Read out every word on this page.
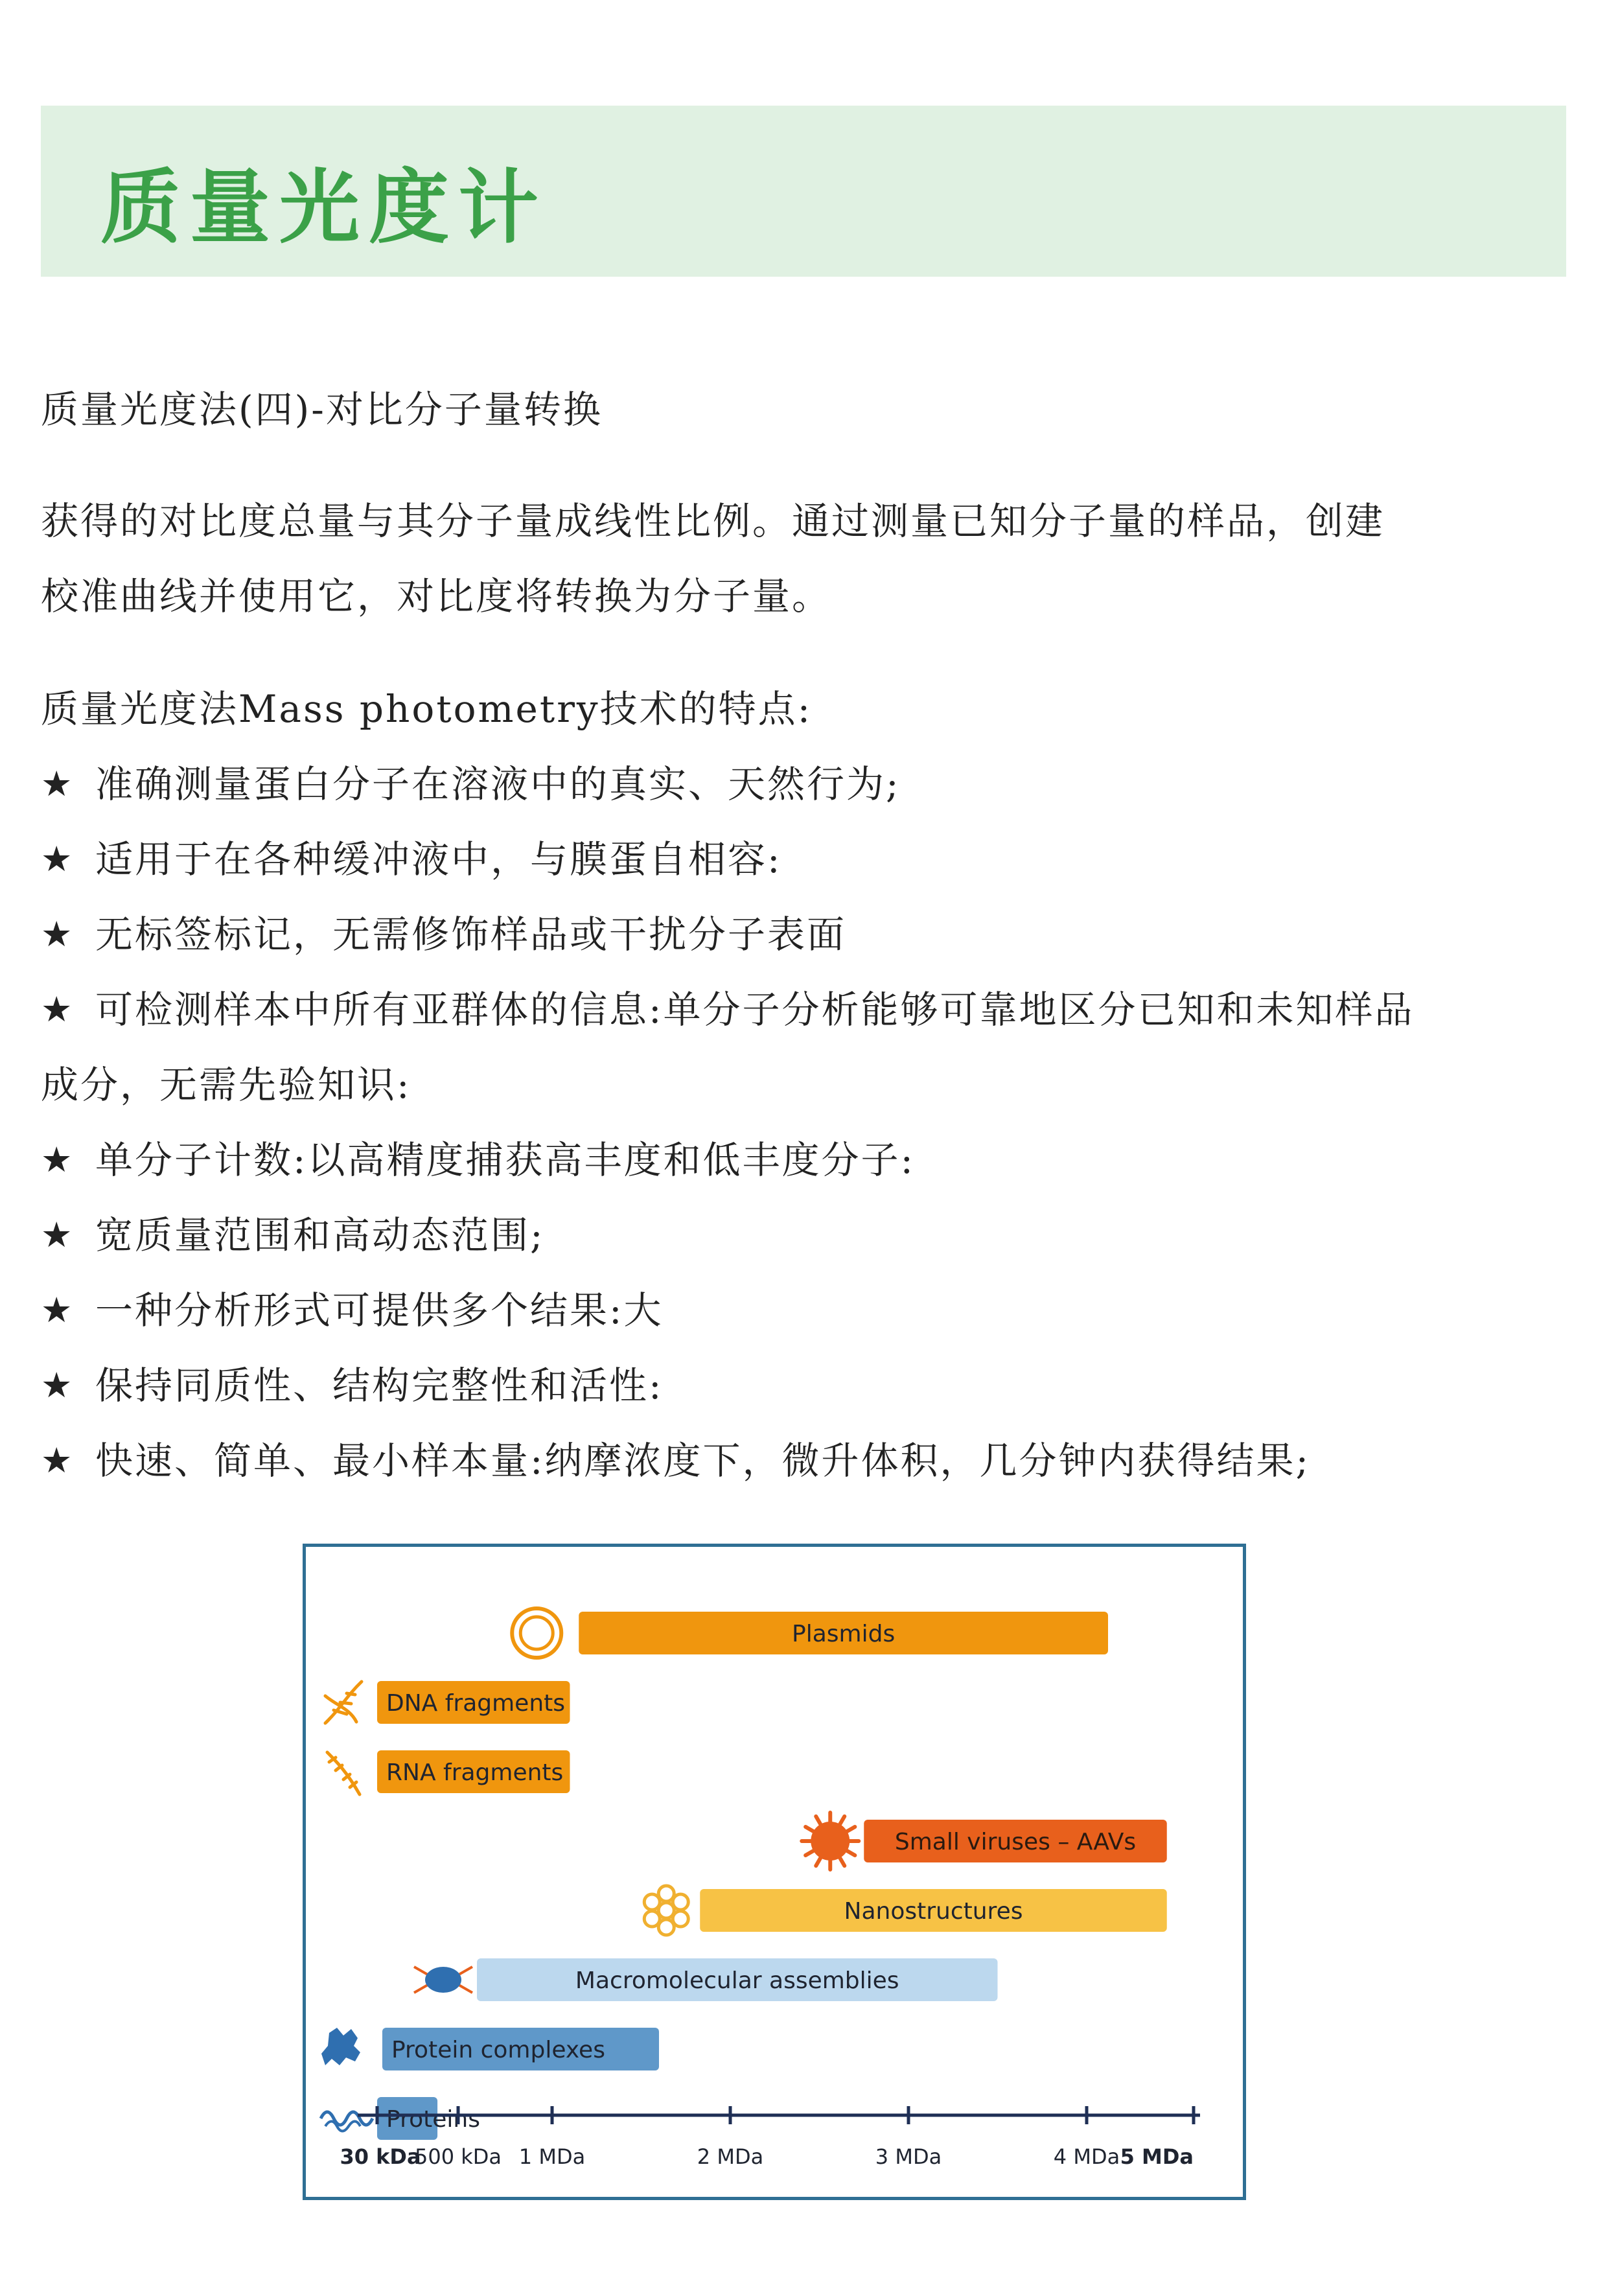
质量光度计
质量光度法(四)-对比分子量转换
获得的对比度总量与其分子量成线性比例。通过测量已知分子量的样品，创建
校准曲线并使用它，对比度将转换为分子量。
质量光度法Mass photometry技术的特点:
★ 准确测量蛋白分子在溶液中的真实、天然行为;
★ 适用于在各种缓冲液中，与膜蛋自相容:
★ 无标签标记，无需修饰样品或干扰分子表面
★ 可检测样本中所有亚群体的信息:单分子分析能够可靠地区分已知和未知样品
成分，无需先验知识:
★ 单分子计数:以高精度捕获高丰度和低丰度分子:
★ 宽质量范围和高动态范围;
★ 一种分析形式可提供多个结果:大
★ 保持同质性、结构完整性和活性:
★ 快速、简单、最小样本量:纳摩浓度下，微升体积，几分钟内获得结果;
Plasmids
DNA fragments
RNA fragments
Small viruses – AAVs
Nanostructures
Macromolecular assemblies
Protein complexes
Proteins
30 kDa
500 kDa 1 MDa	2 MDa	3 MDa	4 MDa 5 MDa
